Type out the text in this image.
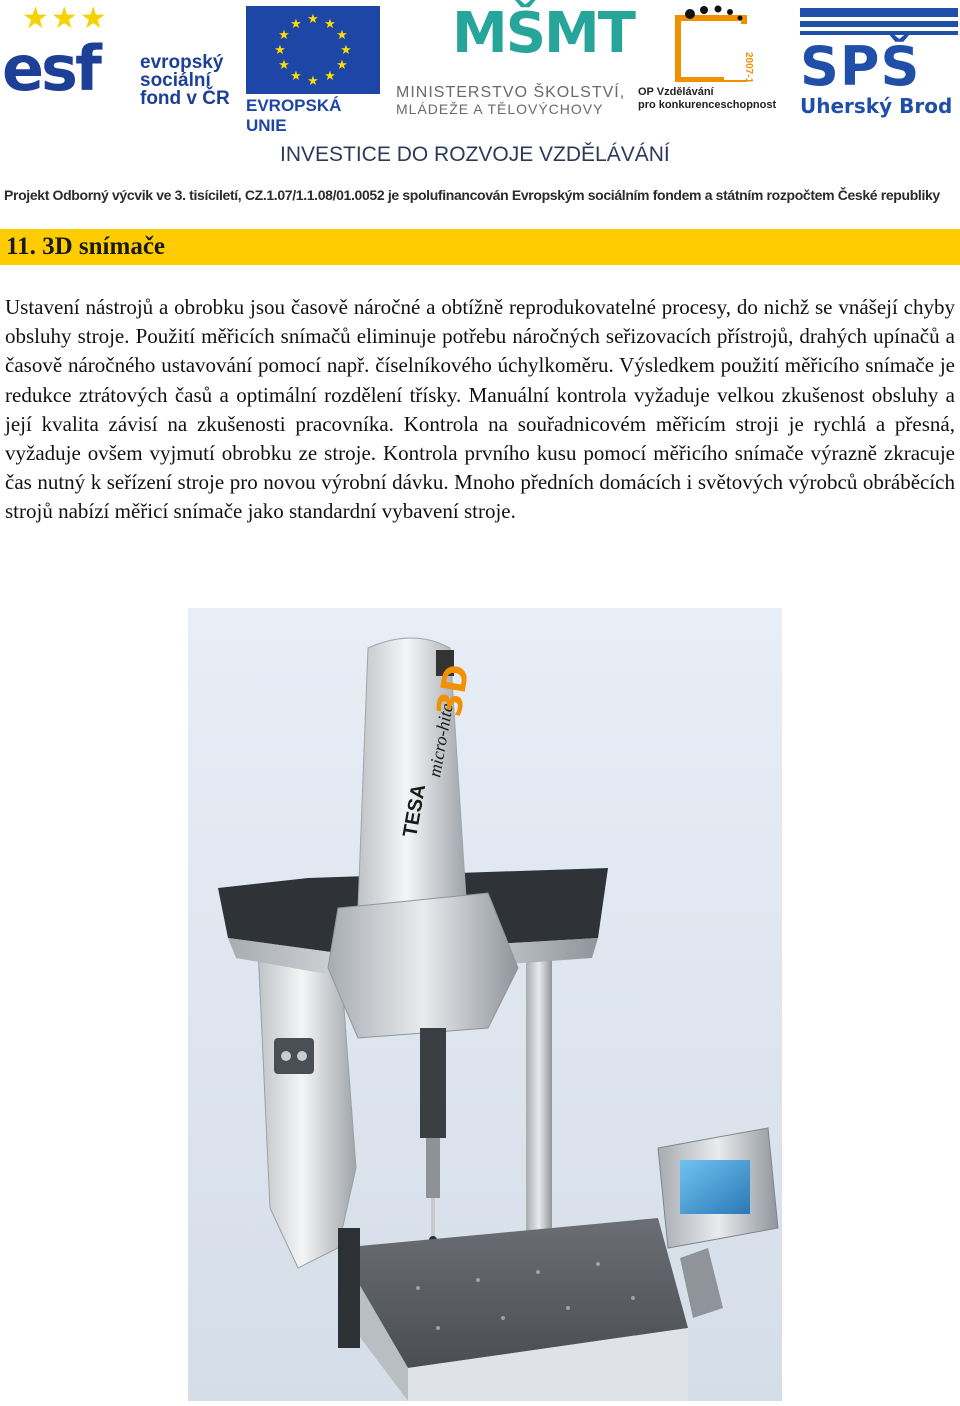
★★★
esf evropský
sociální
fond v ČR
★ ★
★
★
★
★
★
★
★
★
★
★
EVROPSKÁ UNIE
MŠMT
MINISTERSTVO ŠKOLSTVÍ,
MLÁDEŽE A TĚLOVÝCHOVY
2007-13
OP Vzdělávání
pro konkurenceschopnost
SPŠ
Uherský Brod
INVESTICE DO ROZVOJE VZDĚLÁVÁNÍ
Projekt Odborný výcvik ve 3. tisíciletí, CZ.1.07/1.1.08/01.0052 je spolufinancován Evropským sociálním fondem a státním rozpočtem České republiky
11. 3D snímače

Ustavení nástrojů a obrobku jsou časově náročné a obtížně reprodukovatelné procesy, do nichž se vnášejí chyby obsluhy stroje. Použití měřicích snímačů eliminuje potřebu náročných seřizovacích přístrojů, drahých upínačů a časově náročného ustavování pomocí např. číselníkového úchylkoměru. Výsledkem použití měřicího snímače je redukce ztrátových časů a optimální rozdělení třísky. Manuální kontrola vyžaduje velkou zkušenost obsluhy a její kvalita závisí na zkušenosti pracovníka. Kontrola na souřadnicovém měřicím stroji je rychlá a přesná, vyžaduje ovšem vyjmutí obrobku ze stroje. Kontrola prvního kusu pomocí měřicího snímače výrazně zkracuje čas nutný k seřízení stroje pro novou výrobní dávku. Mnoho předních domácích i světových výrobců obráběcích strojů nabízí měřicí snímače jako standardní vybavení stroje.

TESA
micro-hite
3D
